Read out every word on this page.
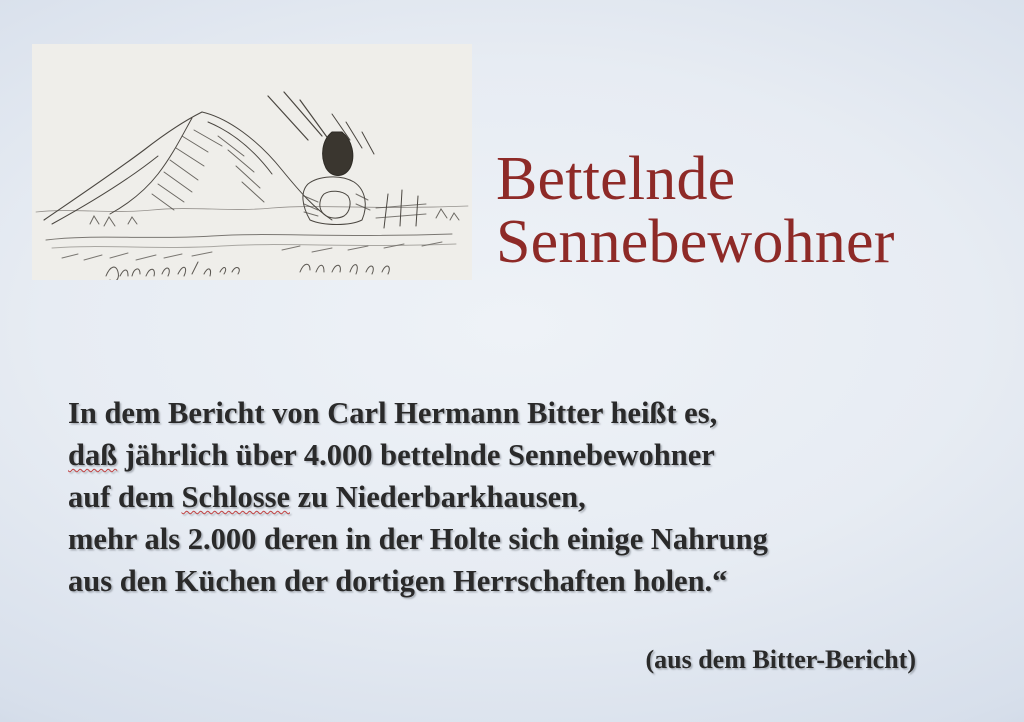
Bettelnde
Sennebewohner
In dem Bericht von Carl Hermann Bitter heißt es,
daß jährlich über 4.000 bettelnde Sennebewohner
auf dem Schlosse zu Niederbarkhausen,
mehr als 2.000 deren in der Holte sich einige Nahrung
aus den Küchen der dortigen Herrschaften holen.“
(aus dem Bitter-Bericht)
